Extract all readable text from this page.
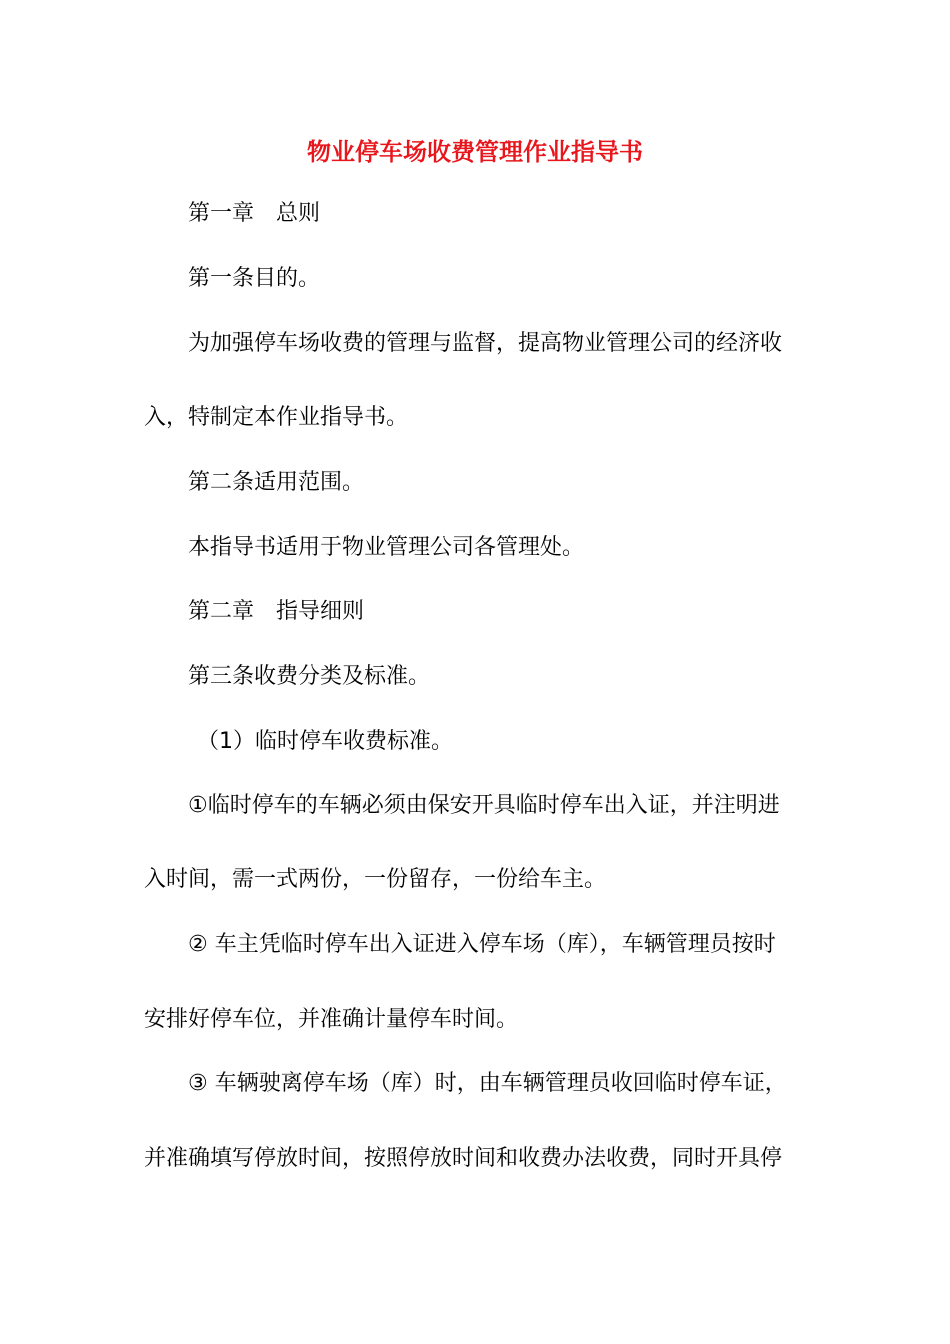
物业停车场收费管理作业指导书
第一章 总则
第一条目的。
为加强停车场收费的管理与监督，提高物业管理公司的经济收
入，特制定本作业指导书。
第二条适用范围。
本指导书适用于物业管理公司各管理处。
第二章 指导细则
第三条收费分类及标准。
（1）临时停车收费标准。
①临时停车的车辆必须由保安开具临时停车出入证，并注明进
入时间，需一式两份，一份留存，一份给车主。
② 车主凭临时停车出入证进入停车场（库），车辆管理员按时
安排好停车位，并准确计量停车时间。
③ 车辆驶离停车场（库）时，由车辆管理员收回临时停车证，
并准确填写停放时间，按照停放时间和收费办法收费，同时开具停
